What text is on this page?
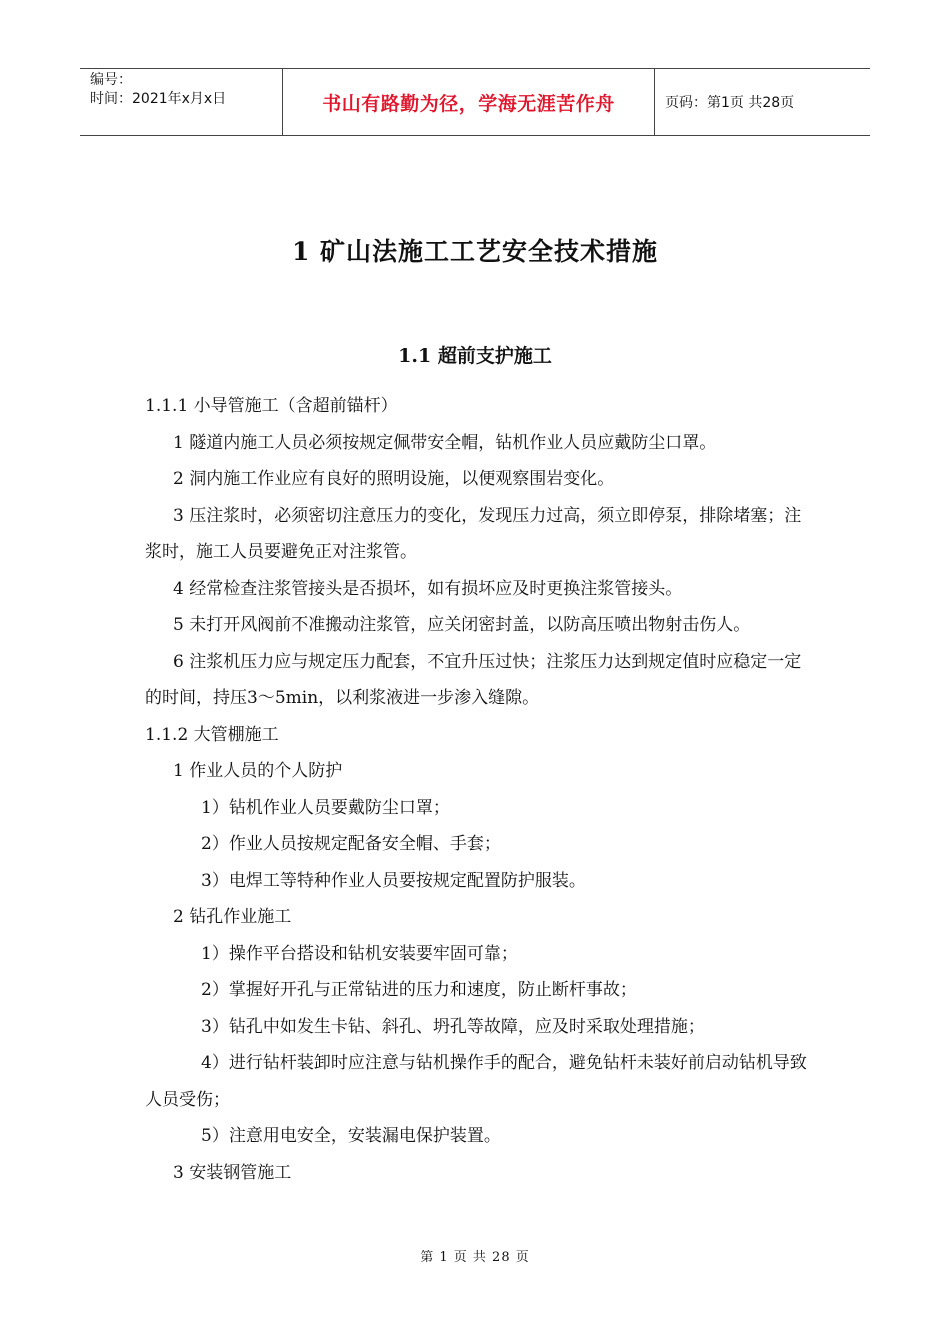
编号：
时间：2021年x月x日	书山有路勤为径，学海无涯苦作舟	页码：第1页 共28页
1 矿山法施工工艺安全技术措施
1.1 超前支护施工

1.1.1 小导管施工（含超前锚杆）

1 隧道内施工人员必须按规定佩带安全帽，钻机作业人员应戴防尘口罩。

2 洞内施工作业应有良好的照明设施，以便观察围岩变化。

3 压注浆时，必须密切注意压力的变化，发现压力过高，须立即停泵，排除堵塞；注浆时，施工人员要避免正对注浆管。

4 经常检查注浆管接头是否损坏，如有损坏应及时更换注浆管接头。

5 未打开风阀前不准搬动注浆管，应关闭密封盖，以防高压喷出物射击伤人。

6 注浆机压力应与规定压力配套，不宜升压过快；注浆压力达到规定值时应稳定一定的时间，持压3～5min，以利浆液进一步渗入缝隙。

1.1.2 大管棚施工

1 作业人员的个人防护

1）钻机作业人员要戴防尘口罩；

2）作业人员按规定配备安全帽、手套；

3）电焊工等特种作业人员要按规定配置防护服装。

2 钻孔作业施工

1）操作平台搭设和钻机安装要牢固可靠；

2）掌握好开孔与正常钻进的压力和速度，防止断杆事故；

3）钻孔中如发生卡钻、斜孔、坍孔等故障，应及时采取处理措施；

4）进行钻杆装卸时应注意与钻机操作手的配合，避免钻杆未装好前启动钻机导致人员受伤；

5）注意用电安全，安装漏电保护装置。

3 安装钢管施工

第 1 页 共 28 页
